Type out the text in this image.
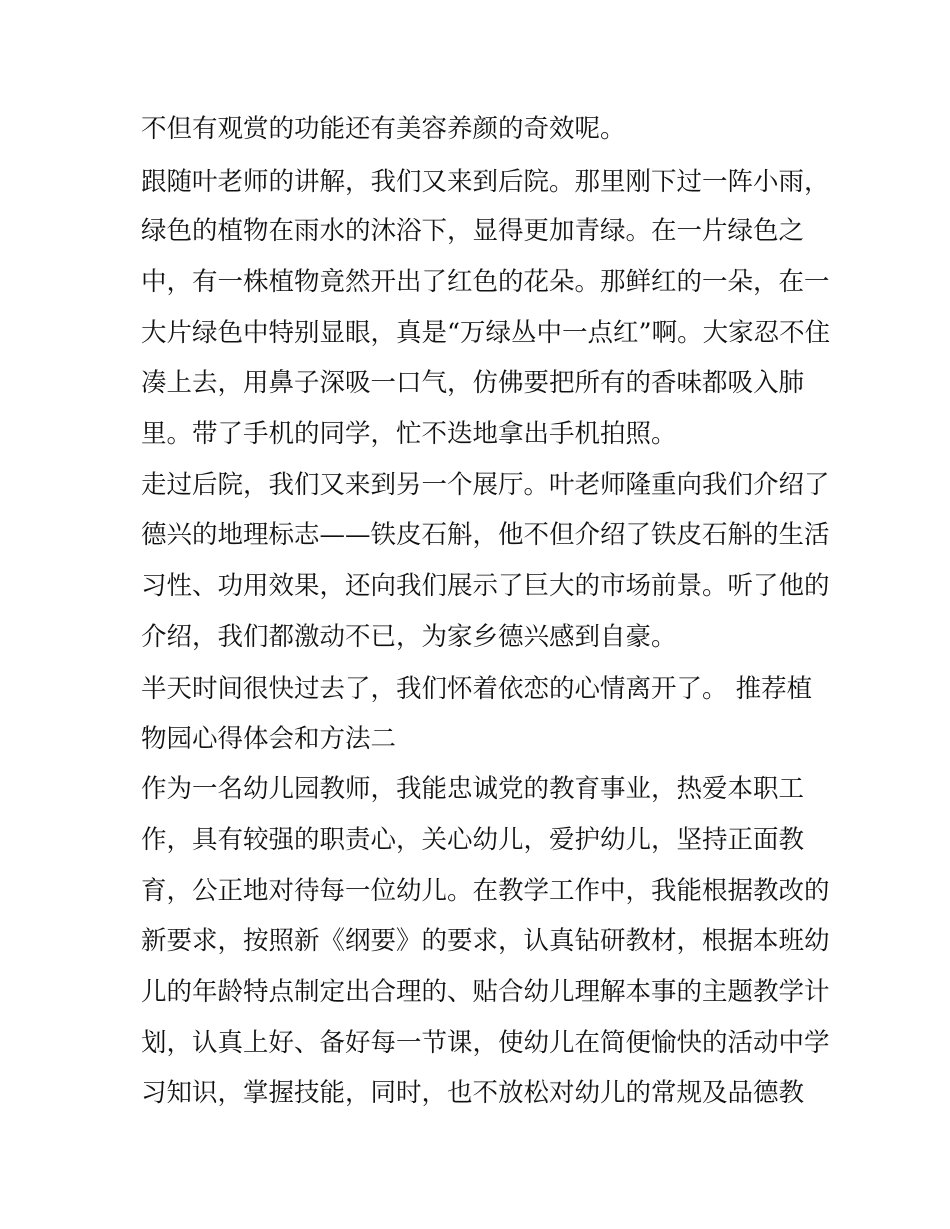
不但有观赏的功能还有美容养颜的奇效呢。
跟随叶老师的讲解，我们又来到后院。那里刚下过一阵小雨，
绿色的植物在雨水的沐浴下，显得更加青绿。在一片绿色之
中，有一株植物竟然开出了红色的花朵。那鲜红的一朵，在一
大片绿色中特别显眼，真是“万绿丛中一点红”啊。大家忍不住
凑上去，用鼻子深吸一口气，仿佛要把所有的香味都吸入肺
里。带了手机的同学，忙不迭地拿出手机拍照。
走过后院，我们又来到另一个展厅。叶老师隆重向我们介绍了
德兴的地理标志——铁皮石斛，他不但介绍了铁皮石斛的生活
习性、功用效果，还向我们展示了巨大的市场前景。听了他的
介绍，我们都激动不已，为家乡德兴感到自豪。
半天时间很快过去了，我们怀着依恋的心情离开了。 推荐植
物园心得体会和方法二
作为一名幼儿园教师，我能忠诚党的教育事业，热爱本职工
作，具有较强的职责心，关心幼儿，爱护幼儿，坚持正面教
育，公正地对待每一位幼儿。在教学工作中，我能根据教改的
新要求，按照新《纲要》的要求，认真钻研教材，根据本班幼
儿的年龄特点制定出合理的、贴合幼儿理解本事的主题教学计
划，认真上好、备好每一节课，使幼儿在简便愉快的活动中学
习知识，掌握技能，同时，也不放松对幼儿的常规及品德教
